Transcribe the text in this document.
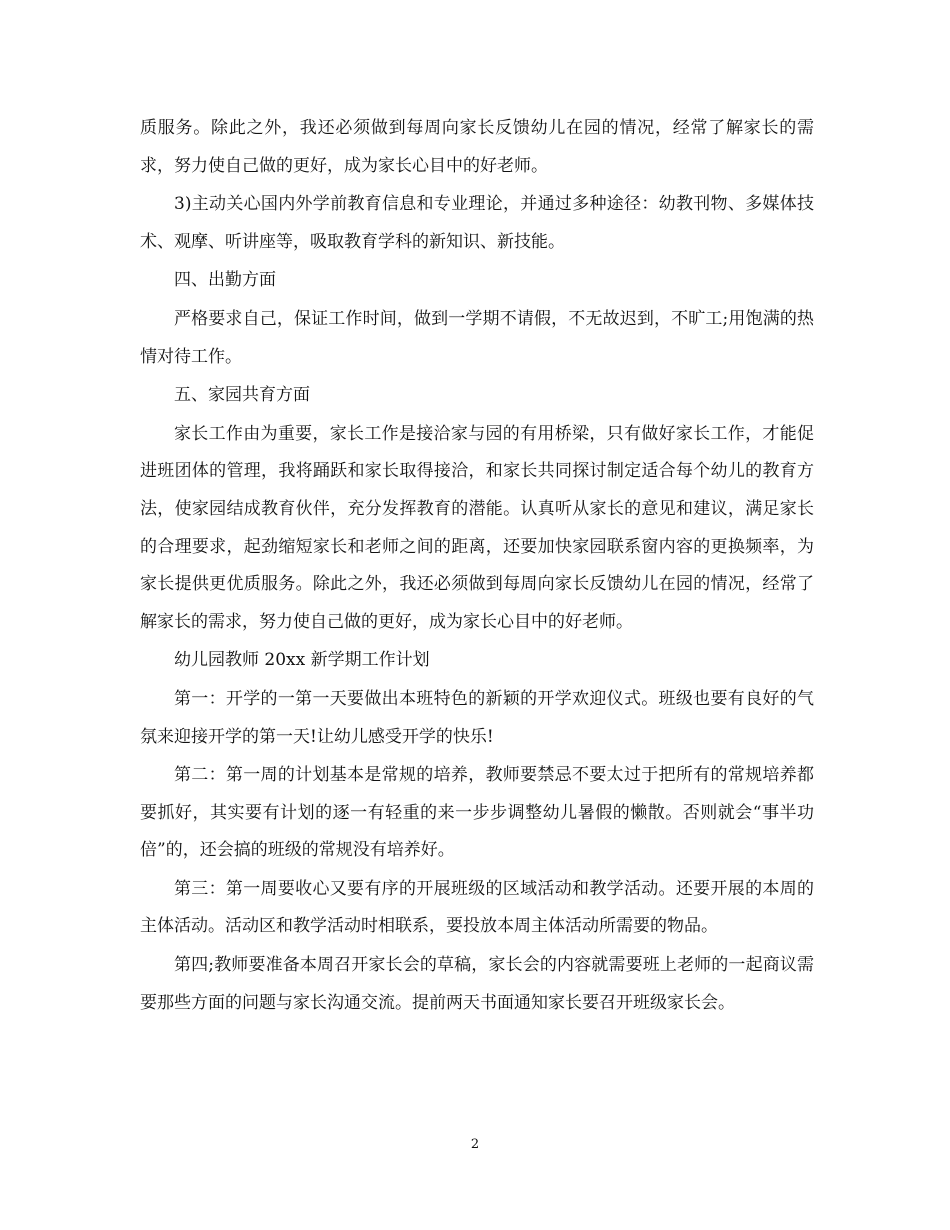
质服务。除此之外，我还必须做到每周向家长反馈幼儿在园的情况，经常了解家长的需求，努力使自己做的更好，成为家长心目中的好老师。

3)主动关心国内外学前教育信息和专业理论，并通过多种途径：幼教刊物、多媒体技术、观摩、听讲座等，吸取教育学科的新知识、新技能。

四、出勤方面

严格要求自己，保证工作时间，做到一学期不请假，不无故迟到，不旷工;用饱满的热情对待工作。

五、家园共育方面

家长工作由为重要，家长工作是接洽家与园的有用桥梁，只有做好家长工作，才能促进班团体的管理，我将踊跃和家长取得接洽，和家长共同探讨制定适合每个幼儿的教育方法，使家园结成教育伙伴，充分发挥教育的潜能。认真听从家长的意见和建议，满足家长的合理要求，起劲缩短家长和老师之间的距离，还要加快家园联系窗内容的更换频率，为家长提供更优质服务。除此之外，我还必须做到每周向家长反馈幼儿在园的情况，经常了解家长的需求，努力使自己做的更好，成为家长心目中的好老师。

幼儿园教师 20xx 新学期工作计划

第一：开学的一第一天要做出本班特色的新颖的开学欢迎仪式。班级也要有良好的气氛来迎接开学的第一天!让幼儿感受开学的快乐!

第二：第一周的计划基本是常规的培养，教师要禁忌不要太过于把所有的常规培养都要抓好，其实要有计划的逐一有轻重的来一步步调整幼儿暑假的懒散。否则就会“事半功倍”的，还会搞的班级的常规没有培养好。

第三：第一周要收心又要有序的开展班级的区域活动和教学活动。还要开展的本周的主体活动。活动区和教学活动时相联系，要投放本周主体活动所需要的物品。

第四;教师要准备本周召开家长会的草稿，家长会的内容就需要班上老师的一起商议需要那些方面的问题与家长沟通交流。提前两天书面通知家长要召开班级家长会。

2
